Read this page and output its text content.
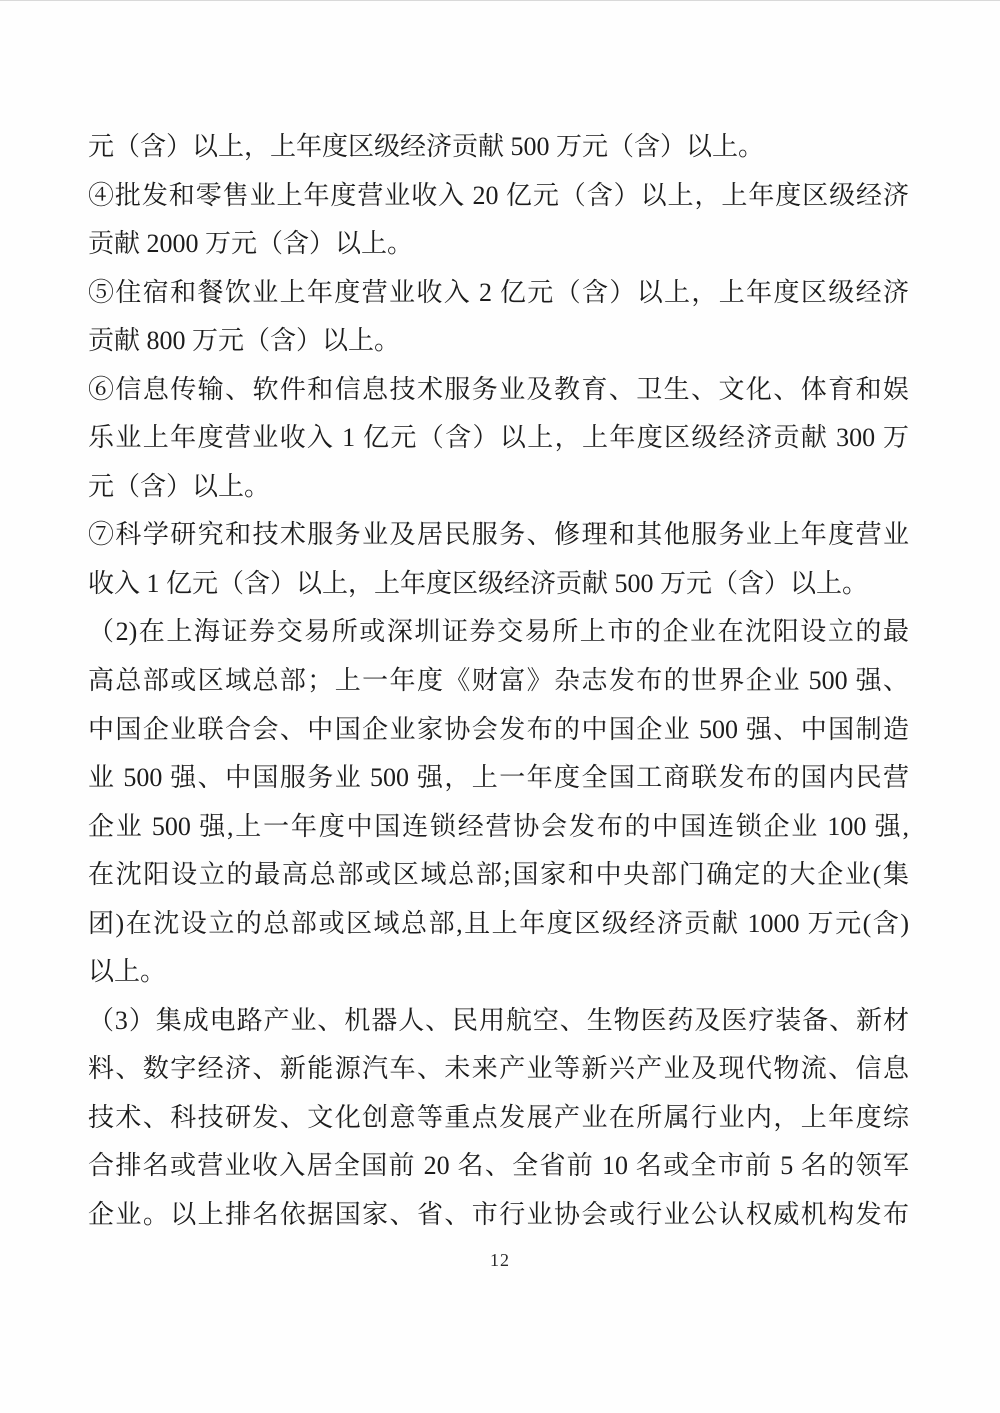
元（含）以上，上年度区级经济贡献 500 万元（含）以上。
④批发和零售业上年度营业收入 20 亿元（含）以上，上年度区级经济
贡献 2000 万元（含）以上。
⑤住宿和餐饮业上年度营业收入 2 亿元（含）以上，上年度区级经济
贡献 800 万元（含）以上。
⑥信息传输、软件和信息技术服务业及教育、卫生、文化、体育和娱
乐业上年度营业收入 1 亿元（含）以上，上年度区级经济贡献 300 万
元（含）以上。
⑦科学研究和技术服务业及居民服务、修理和其他服务业上年度营业
收入 1 亿元（含）以上，上年度区级经济贡献 500 万元（含）以上。
（2)在上海证券交易所或深圳证券交易所上市的企业在沈阳设立的最
高总部或区域总部；上一年度《财富》杂志发布的世界企业 500 强、
中国企业联合会、中国企业家协会发布的中国企业 500 强、中国制造
业 500 强、中国服务业 500 强，上一年度全国工商联发布的国内民营
企业 500 强,上一年度中国连锁经营协会发布的中国连锁企业 100 强,
在沈阳设立的最高总部或区域总部;国家和中央部门确定的大企业(集
团)在沈设立的总部或区域总部,且上年度区级经济贡献 1000 万元(含)
以上。
（3）集成电路产业、机器人、民用航空、生物医药及医疗装备、新材
料、数字经济、新能源汽车、未来产业等新兴产业及现代物流、信息
技术、科技研发、文化创意等重点发展产业在所属行业内，上年度综
合排名或营业收入居全国前 20 名、全省前 10 名或全市前 5 名的领军
企业。以上排名依据国家、省、市行业协会或行业公认权威机构发布
12
